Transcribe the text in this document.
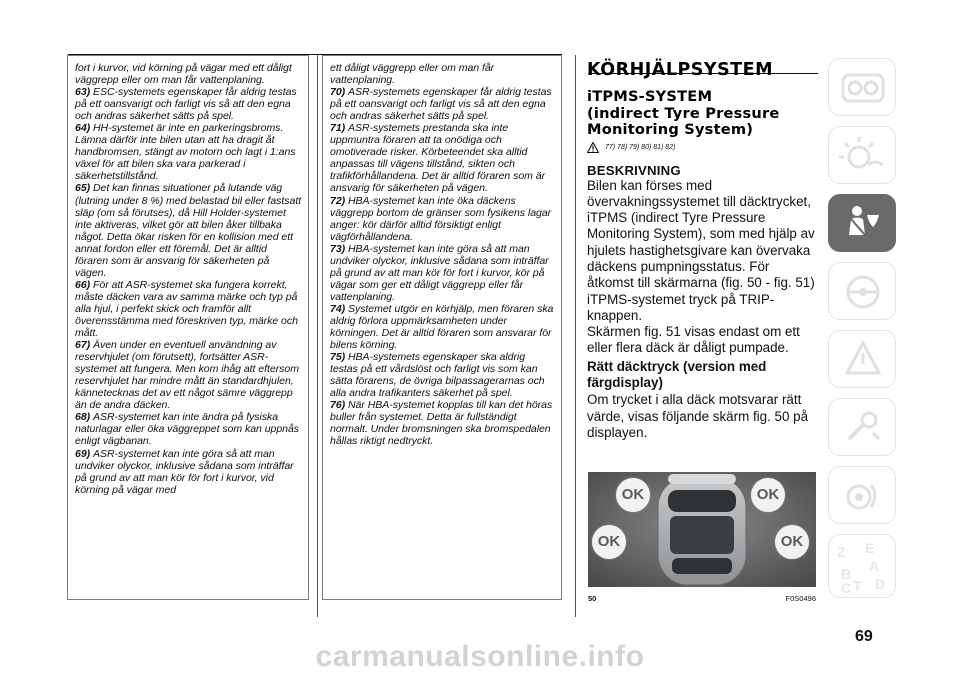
fort i kurvor, vid körning på vägar med ett dåligt väggrepp eller om man får vattenplaning.

63) ESC-systemets egenskaper får aldrig testas på ett oansvarigt och farligt vis så att den egna och andras säkerhet sätts på spel.

64) HH-systemet är inte en parkeringsbroms. Lämna därför inte bilen utan att ha dragit åt handbromsen, stängt av motorn och lagt i 1:ans växel för att bilen ska vara parkerad i säkerhetstillstånd.

65) Det kan finnas situationer på lutande väg (lutning under 8 %) med belastad bil eller fastsatt släp (om så förutses), då Hill Holder-systemet inte aktiveras, vilket gör att bilen åker tillbaka något. Detta ökar risken för en kollision med ett annat fordon eller ett föremål. Det är alltid föraren som är ansvarig för säkerheten på vägen.

66) För att ASR-systemet ska fungera korrekt, måste däcken vara av samma märke och typ på alla hjul, i perfekt skick och framför allt överensstämma med föreskriven typ, märke och mått.

67) Även under en eventuell användning av reservhjulet (om förutsett), fortsätter ASR-systemet att fungera. Men kom ihåg att eftersom reservhjulet har mindre mått än standardhjulen, kännetecknas det av ett något sämre väggrepp än de andra däcken.

68) ASR-systemet kan inte ändra på fysiska naturlagar eller öka väggreppet som kan uppnås enligt vägbanan.

69) ASR-systemet kan inte göra så att man undviker olyckor, inklusive sådana som inträffar på grund av att man kör för fort i kurvor, vid körning på vägar med

ett dåligt väggrepp eller om man får vattenplaning.

70) ASR-systemets egenskaper får aldrig testas på ett oansvarigt och farligt vis så att den egna och andras säkerhet sätts på spel.

71) ASR-systemets prestanda ska inte uppmuntra föraren att ta onödiga och omotiverade risker. Körbeteendet ska alltid anpassas till vägens tillstånd, sikten och trafikförhållandena. Det är alltid föraren som är ansvarig för säkerheten på vägen.

72) HBA-systemet kan inte öka däckens väggrepp bortom de gränser som fysikens lagar anger: kör därför alltid försiktigt enligt vägförhållandena.

73) HBA-systemet kan inte göra så att man undviker olyckor, inklusive sådana som inträffar på grund av att man kör för fort i kurvor, kör på vägar som ger ett dåligt väggrepp eller får vattenplaning.

74) Systemet utgör en körhjälp, men föraren ska aldrig förlora uppmärksamheten under körningen. Det är alltid föraren som ansvarar för bilens körning.

75) HBA-systemets egenskaper ska aldrig testas på ett vårdslöst och farligt vis som kan sätta förarens, de övriga bilpassagerarnas och alla andra trafikanters säkerhet på spel.

76) När HBA-systemet kopplas till kan det höras buller från systemet. Detta är fullständigt normalt. Under bromsningen ska bromspedalen hållas riktigt nedtryckt.

KÖRHJÄLPSYSTEM
iTPMS-SYSTEM
(indirect Tyre Pressure
Monitoring System)
77) 78) 79) 80) 81) 82)
BESKRIVNING

Bilen kan förses med övervakningssystemet till däcktrycket, iTPMS (indirect Tyre Pressure Monitoring System), som med hjälp av hjulets hastighetsgivare kan övervaka däckens pumpningsstatus. För åtkomst till skärmarna (fig. 50 - fig. 51) iTPMS-systemet tryck på TRIP-knappen.

Skärmen fig. 51 visas endast om ett eller flera däck är dåligt pumpade.

Rätt däcktryck (version med färgdisplay)

Om trycket i alla däck motsvarar rätt värde, visas följande skärm fig. 50 på displayen.

OK	OK
OK	OK
50	F0S0496
Z E
A
B
T
C D
69
carmanualsonline.info
